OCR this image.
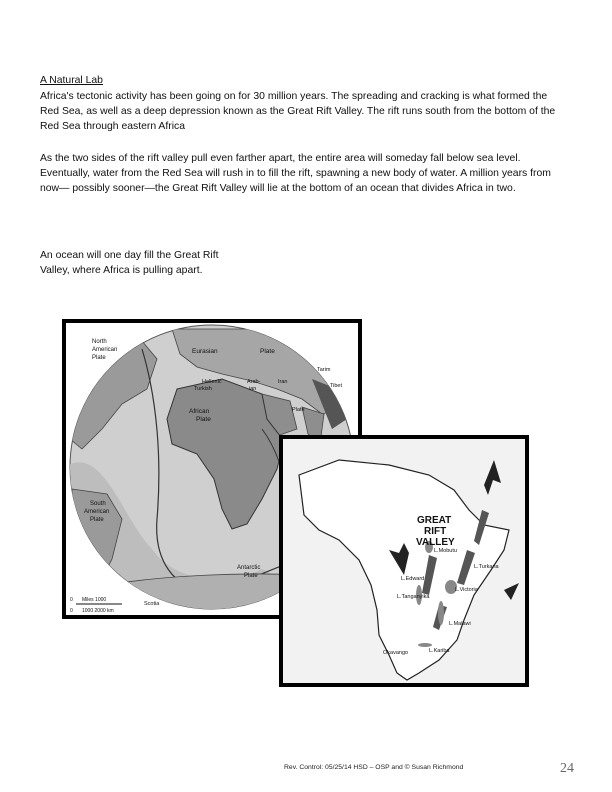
A Natural Lab

Africa's tectonic activity has been going on for 30 million years. The spreading and cracking is what formed the Red Sea, as well as a deep depression known as the Great Rift Valley. The rift runs south from the bottom of the Red Sea through eastern Africa

As the two sides of the rift valley pull even farther apart, the entire area will someday fall below sea level. Eventually, water from the Red Sea will rush in to fill the rift, spawning a new body of water. A million years from now— possibly sooner—the Great Rift Valley will lie at the bottom of an ocean that divides Africa in two.

An ocean will one day fill the Great Rift Valley, where Africa is pulling apart.

North
American
Plate
Eurasian	Plate
Hellenic
Turkish
Arab-
ian
Iran
Tarim
Tibet
African
Plate
Plate
South
American
Plate
Antarctic
Plate
Scotia
0 Miles 1000
0 1000 2000 km
GREAT
RIFT
VALLEY
L.Mobutu
L.Turkana
L.Edward
L.Victoria
L.Tanganyika
L.Malawi
L.Kariba
Okavango
Rev. Control: 05/25/14 HSD – OSP and © Susan Richmond	24
